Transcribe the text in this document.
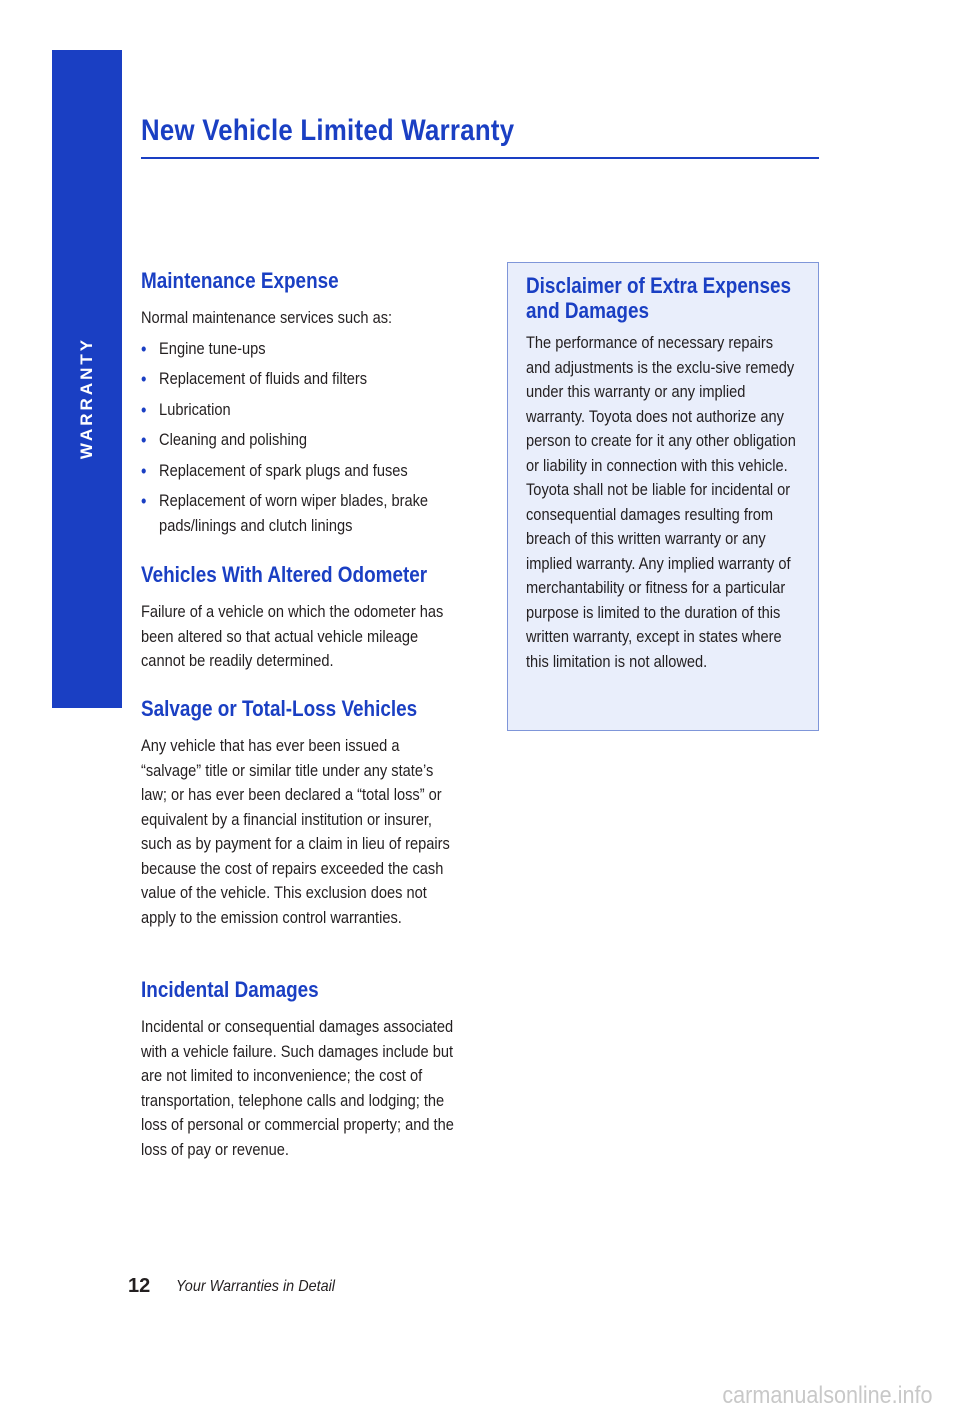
WARRANTY
New Vehicle Limited Warranty
Maintenance Expense

Normal maintenance services such as:

• Engine tune-ups
• Replacement of fluids and filters
• Lubrication
• Cleaning and polishing
• Replacement of spark plugs and fuses
• Replacement of worn wiper blades, brake pads/linings and clutch linings
Vehicles With Altered Odometer

Failure of a vehicle on which the odometer has been altered so that actual vehicle mileage cannot be readily determined.

Salvage or Total-Loss Vehicles

Any vehicle that has ever been issued a “salvage” title or similar title under any state’s law; or has ever been declared a “total loss” or equivalent by a financial institution or insurer, such as by payment for a claim in lieu of repairs because the cost of repairs exceeded the cash value of the vehicle. This exclusion does not apply to the emission control warranties.

Incidental Damages

Incidental or consequential damages associated with a vehicle failure. Such damages include but are not limited to inconvenience; the cost of transportation, telephone calls and lodging; the loss of personal or commercial property; and the loss of pay or revenue.

Disclaimer of Extra Expenses and Damages
The performance of necessary repairs and adjustments is the exclu-sive remedy under this warranty or any implied warranty. Toyota does not authorize any person to create for it any other obligation or liability in connection with this vehicle. Toyota shall not be liable for incidental or consequential damages resulting from breach of this written warranty or any implied warranty. Any implied warranty of merchantability or fitness for a particular purpose is limited to the duration of this written warranty, except in states where this limitation is not allowed.
12 Your Warranties in Detail
carmanualsonline.info
